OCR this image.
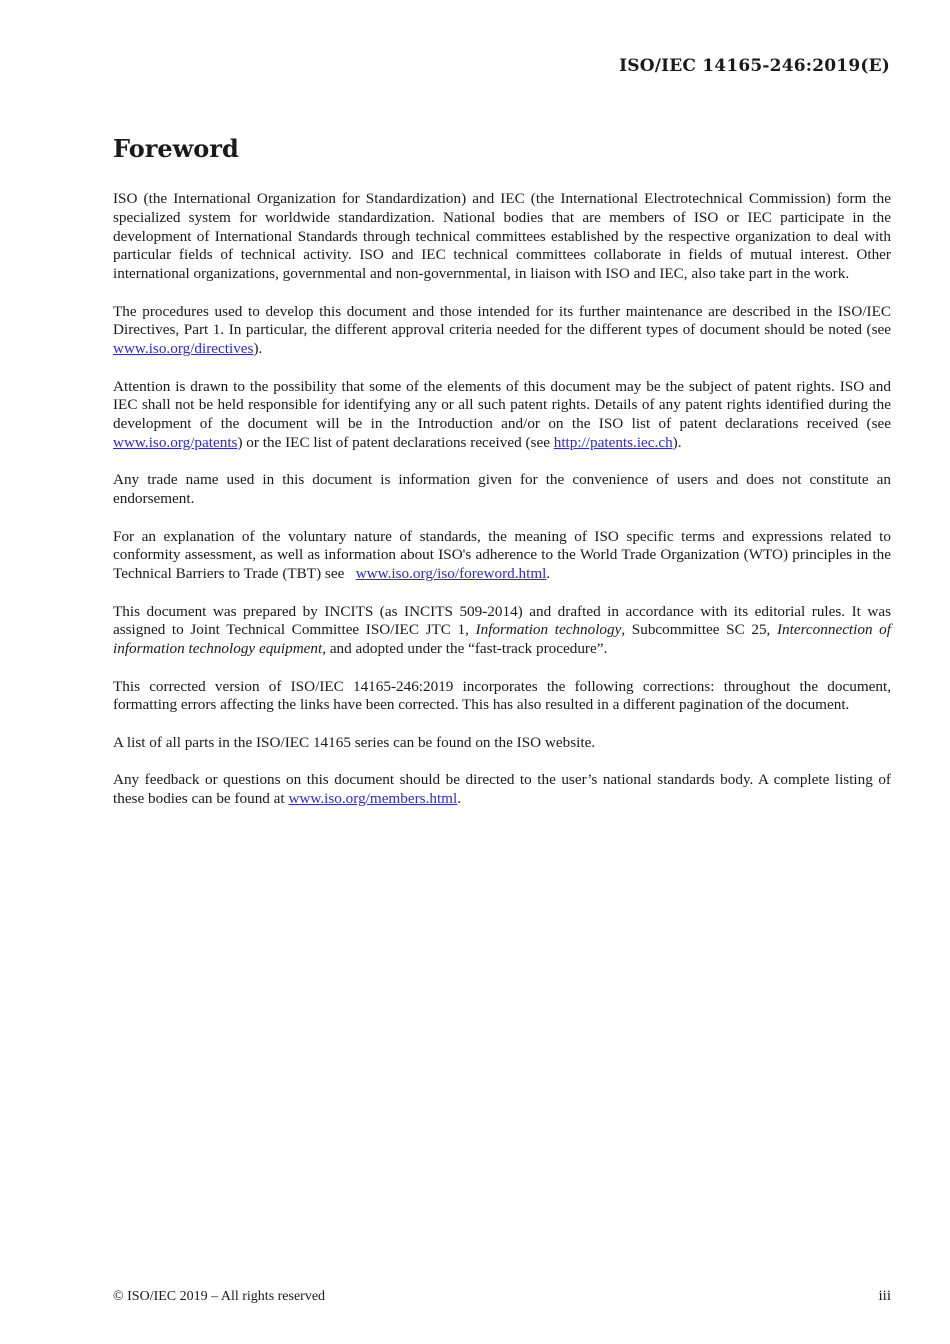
ISO/IEC 14165-246:2019(E)
Foreword

ISO (the International Organization for Standardization) and IEC (the International Electrotechnical Commission) form the specialized system for worldwide standardization. National bodies that are members of ISO or IEC participate in the development of International Standards through technical committees established by the respective organization to deal with particular fields of technical activity. ISO and IEC technical committees collaborate in fields of mutual interest. Other international organizations, governmental and non-governmental, in liaison with ISO and IEC, also take part in the work.

The procedures used to develop this document and those intended for its further maintenance are described in the ISO/IEC Directives, Part 1. In particular, the different approval criteria needed for the different types of document should be noted (see www.iso.org/directives).

Attention is drawn to the possibility that some of the elements of this document may be the subject of patent rights. ISO and IEC shall not be held responsible for identifying any or all such patent rights. Details of any patent rights identified during the development of the document will be in the Introduction and/or on the ISO list of patent declarations received (see www.iso.org/patents) or the IEC list of patent declarations received (see http://patents.iec.ch).

Any trade name used in this document is information given for the convenience of users and does not constitute an endorsement.

For an explanation of the voluntary nature of standards, the meaning of ISO specific terms and expressions related to conformity assessment, as well as information about ISO's adherence to the World Trade Organization (WTO) principles in the Technical Barriers to Trade (TBT) see   www.iso.org/iso/foreword.html.

This document was prepared by INCITS (as INCITS 509-2014) and drafted in accordance with its editorial rules. It was assigned to Joint Technical Committee ISO/IEC JTC 1, Information technology, Subcommittee SC 25, Interconnection of information technology equipment, and adopted under the “fast-track procedure”.

This corrected version of ISO/IEC 14165-246:2019 incorporates the following corrections: throughout the document, formatting errors affecting the links have been corrected. This has also resulted in a different pagination of the document.

A list of all parts in the ISO/IEC 14165 series can be found on the ISO website.

Any feedback or questions on this document should be directed to the user’s national standards body. A complete listing of these bodies can be found at www.iso.org/members.html.

© ISO/IEC 2019 – All rights reserved	iii
